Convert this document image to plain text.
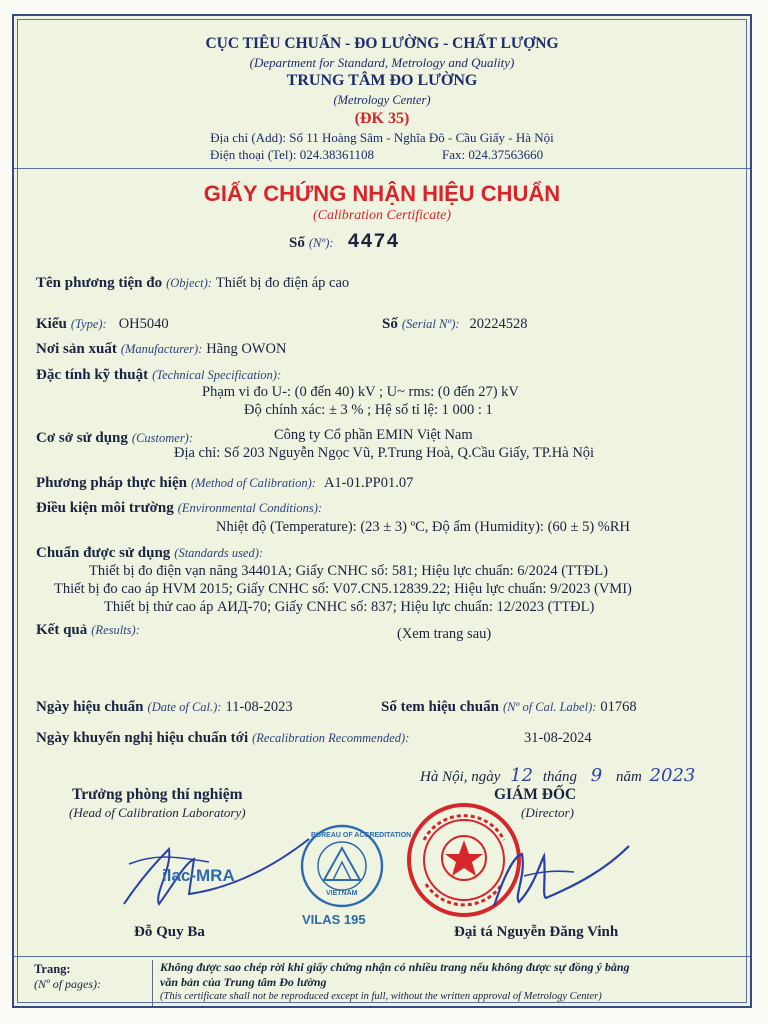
CỤC TIÊU CHUẨN - ĐO LƯỜNG - CHẤT LƯỢNG
(Department for Standard, Metrology and Quality)
TRUNG TÂM ĐO LƯỜNG
(Metrology Center)
(ĐK 35)
Địa chỉ (Add): Số 11 Hoàng Sâm - Nghĩa Đô - Cầu Giấy - Hà Nội
Điện thoại (Tel): 024.38361108	Fax: 024.37563660
GIẤY CHỨNG NHẬN HIỆU CHUẨN
(Calibration Certificate)
Số (Nº): 4474
Tên phương tiện đo (Object): Thiết bị đo điện áp cao
Kiểu (Type): OH5040	Số (Serial Nº): 20224528
Nơi sản xuất (Manufacturer): Hãng OWON
Đặc tính kỹ thuật (Technical Specification):
Phạm vi đo U-: (0 đến 40) kV ; U~ rms: (0 đến 27) kV
Độ chính xác: ± 3 % ; Hệ số tỉ lệ: 1 000 : 1
Cơ sở sử dụng (Customer):	Công ty Cổ phần EMIN Việt Nam
Địa chỉ: Số 203 Nguyễn Ngọc Vũ, P.Trung Hoà, Q.Cầu Giấy, TP.Hà Nội
Phương pháp thực hiện (Method of Calibration): A1-01.PP01.07
Điều kiện môi trường (Environmental Conditions):
Nhiệt độ (Temperature): (23 ± 3) ºC, Độ ẩm (Humidity): (60 ± 5) %RH
Chuẩn được sử dụng (Standards used):
Thiết bị đo điện vạn năng 34401A; Giấy CNHC số: 581; Hiệu lực chuẩn: 6/2024 (TTĐL)
Thiết bị đo cao áp HVM 2015; Giấy CNHC số: V07.CN5.12839.22; Hiệu lực chuẩn: 9/2023 (VMI)
Thiết bị thử cao áp АИД-70; Giấy CNHC số: 837; Hiệu lực chuẩn: 12/2023 (TTĐL)
Kết quả (Results):	(Xem trang sau)
Ngày hiệu chuẩn (Date of Cal.): 11-08-2023	Số tem hiệu chuẩn (Nº of Cal. Label): 01768
Ngày khuyến nghị hiệu chuẩn tới (Recalibration Recommended):	31-08-2024
Hà Nội, ngày 12 tháng 9 năm 2023
Trưởng phòng thí nghiệm
(Head of Calibration Laboratory)
GIÁM ĐỐC
(Director)
ilac-MRA
BUREAU OF ACCREDITATION
VIETNAM
VILAS 195
Đỗ Quy Ba	Đại tá Nguyễn Đăng Vinh
Trang:
(Nº of pages):
Không được sao chép rời khi giấy chứng nhận có nhiều trang nếu không được sự đồng ý bằng
văn bản của Trung tâm Đo lường
(This certificate shall not be reproduced except in full, without the written approval of Metrology Center)
